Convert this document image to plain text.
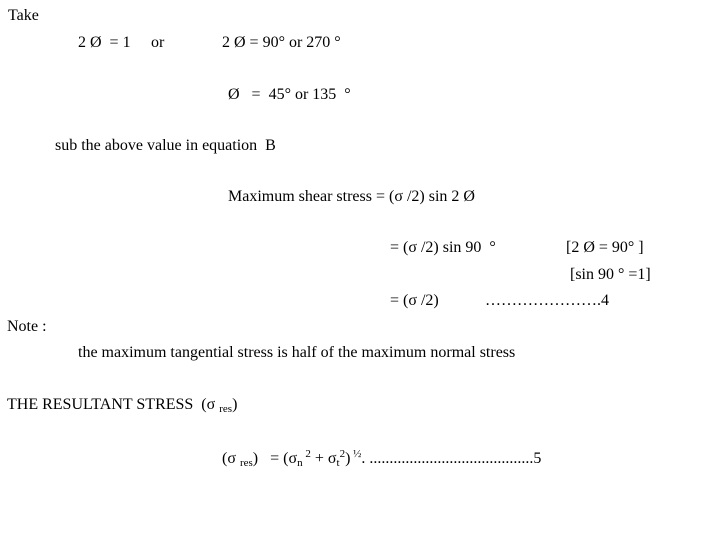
Take
2 Ø  = 1 or	2 Ø = 90° or 270 °
Ø   =  45° or 135  °
sub the above value in equation  B
Maximum shear stress = (σ /2) sin 2 Ø
= (σ /2) sin 90  °	[2 Ø = 90° ]
[sin 90 ° =1]
= (σ /2)	………………….4
Note :
the maximum tangential stress is half of the maximum normal stress
THE RESULTANT STRESS  (σ $_{res}$)
(σ $_{res}) = (\sigma_n$ $^2 + \sigma_t^2$) $^{\frac{1}{2}}$. .........................................5
